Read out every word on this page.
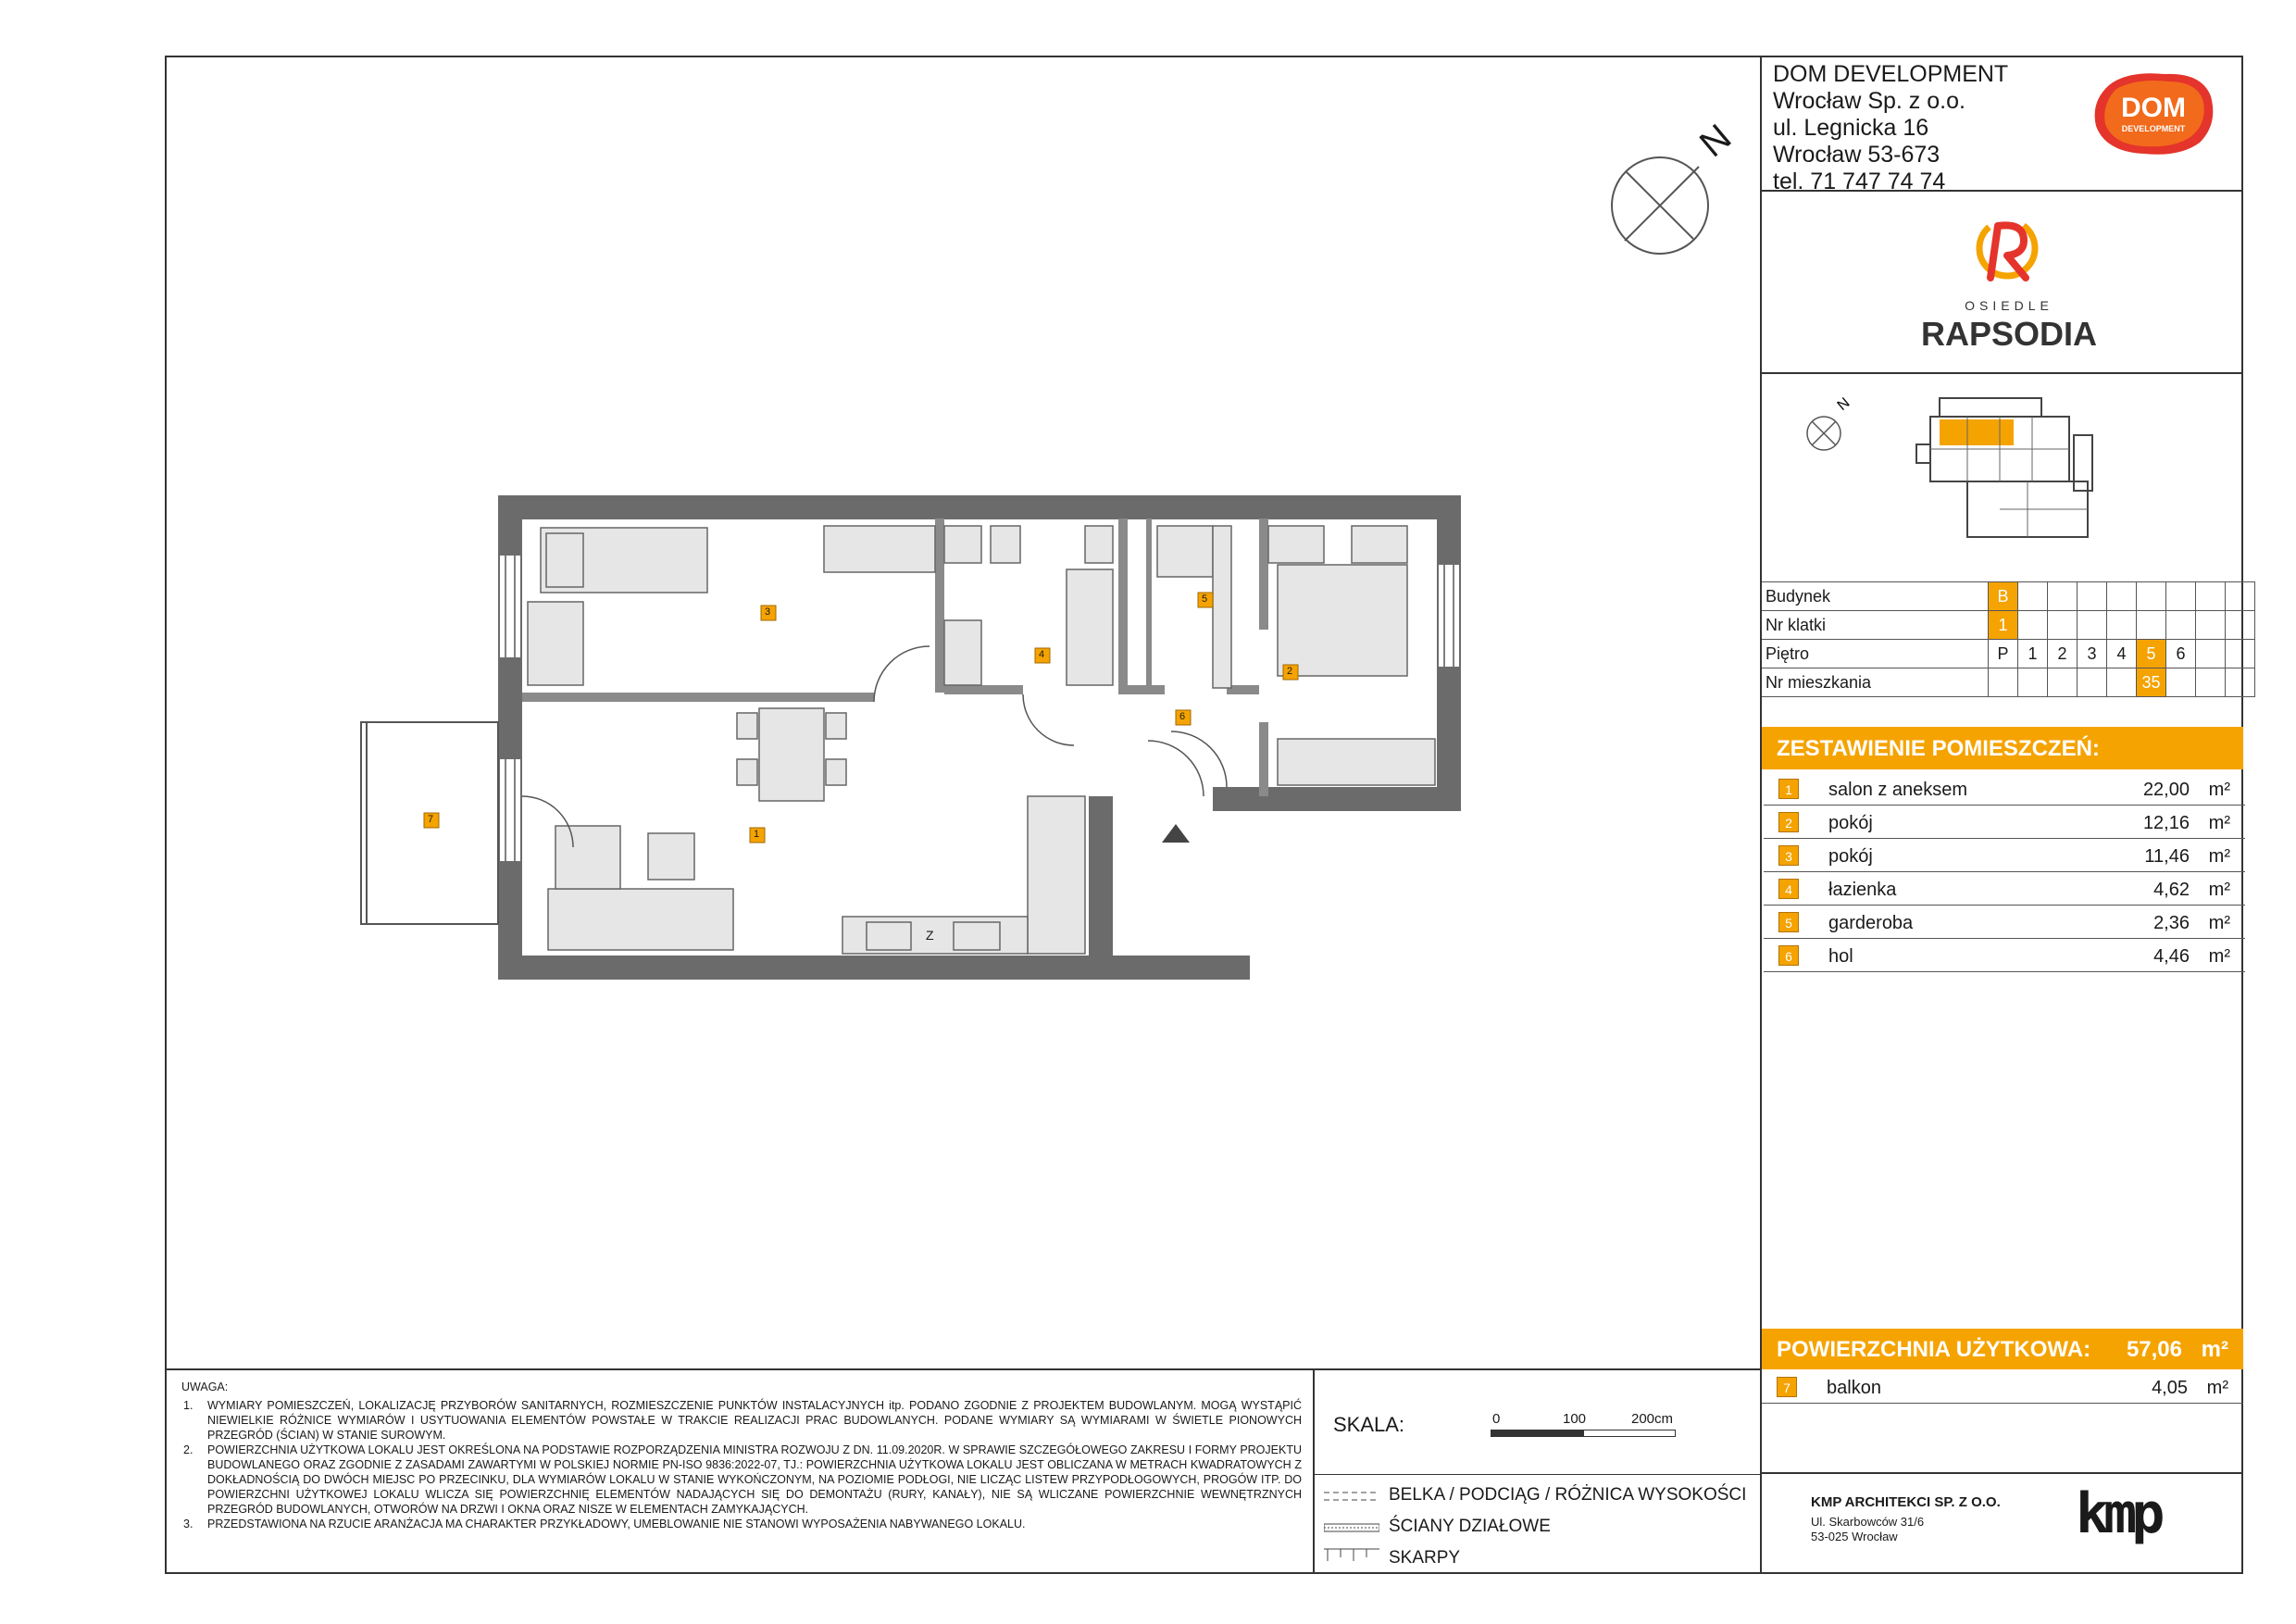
DOM DEVELOPMENT
Wrocław Sp. z o.o.
ul. Legnicka 16
Wrocław 53-673
tel. 71 747 74 74
DOM
DEVELOPMENT
OSIEDLE
RAPSODIA
N
N
Budynek	B								
Nr klatki	1								
Piętro	P	1	2	3	4	5	6		
Nr mieszkania						35			
ZESTAWIENIE POMIESZCZEŃ:
1	salon z aneksem	22,00 m²
2	pokój	12,16 m²
3	pokój	11,46 m²
4	łazienka	4,62 m²
5	garderoba	2,36 m²
6	hol	4,46 m²
POWIERZCHNIA UŻYTKOWA: 57,06 m²
7	balkon	4,05 m²
UWAGA:
1. WYMIARY POMIESZCZEŃ, LOKALIZACJĘ PRZYBORÓW SANITARNYCH, ROZMIESZCZENIE PUNKTÓW INSTALACYJNYCH itp. PODANO ZGODNIE Z PROJEKTEM BUDOWLANYM. MOGĄ WYSTĄPIĆ NIEWIELKIE RÓŻNICE WYMIARÓW I USYTUOWANIA ELEMENTÓW POWSTAŁE W TRAKCIE REALIZACJI PRAC BUDOWLANYCH. PODANE WYMIARY SĄ WYMIARAMI W ŚWIETLE PIONOWYCH PRZEGRÓD (ŚCIAN) W STANIE SUROWYM.
2. POWIERZCHNIA UŻYTKOWA LOKALU JEST OKREŚLONA NA PODSTAWIE ROZPORZĄDZENIA MINISTRA ROZWOJU Z DN. 11.09.2020R. W SPRAWIE SZCZEGÓŁOWEGO ZAKRESU I FORMY PROJEKTU BUDOWLANEGO ORAZ ZGODNIE Z ZASADAMI ZAWARTYMI W POLSKIEJ NORMIE PN-ISO 9836:2022-07, TJ.: POWIERZCHNIA UŻYTKOWA LOKALU JEST OBLICZANA W METRACH KWADRATOWYCH Z DOKŁADNOŚCIĄ DO DWÓCH MIEJSC PO PRZECINKU, DLA WYMIARÓW LOKALU W STANIE WYKOŃCZONYM, NA POZIOMIE PODŁOGI, NIE LICZĄC LISTEW PRZYPODŁOGOWYCH, PROGÓW ITP. DO POWIERZCHNI UŻYTKOWEJ LOKALU WLICZA SIĘ POWIERZCHNIĘ ELEMENTÓW NADAJĄCYCH SIĘ DO DEMONTAŻU (RURY, KANAŁY), NIE SĄ WLICZANE POWIERZCHNIE WEWNĘTRZNYCH PRZEGRÓD BUDOWLANYCH, OTWORÓW NA DRZWI I OKNA ORAZ NISZE W ELEMENTACH ZAMYKAJĄCYCH.
3. PRZEDSTAWIONA NA RZUCIE ARANŻACJA MA CHARAKTER PRZYKŁADOWY, UMEBLOWANIE NIE STANOWI WYPOSAŻENIA NABYWANEGO LOKALU.
SKALA:	0	100	200cm
BELKA / PODCIĄG / RÓŻNICA WYSOKOŚCI
ŚCIANY DZIAŁOWE
SKARPY
KMP ARCHITEKCI SP. Z O.O.
Ul. Skarbowców 31/6
53-025 Wrocław	kmp
1
2
3
4
5
6
7
Z
